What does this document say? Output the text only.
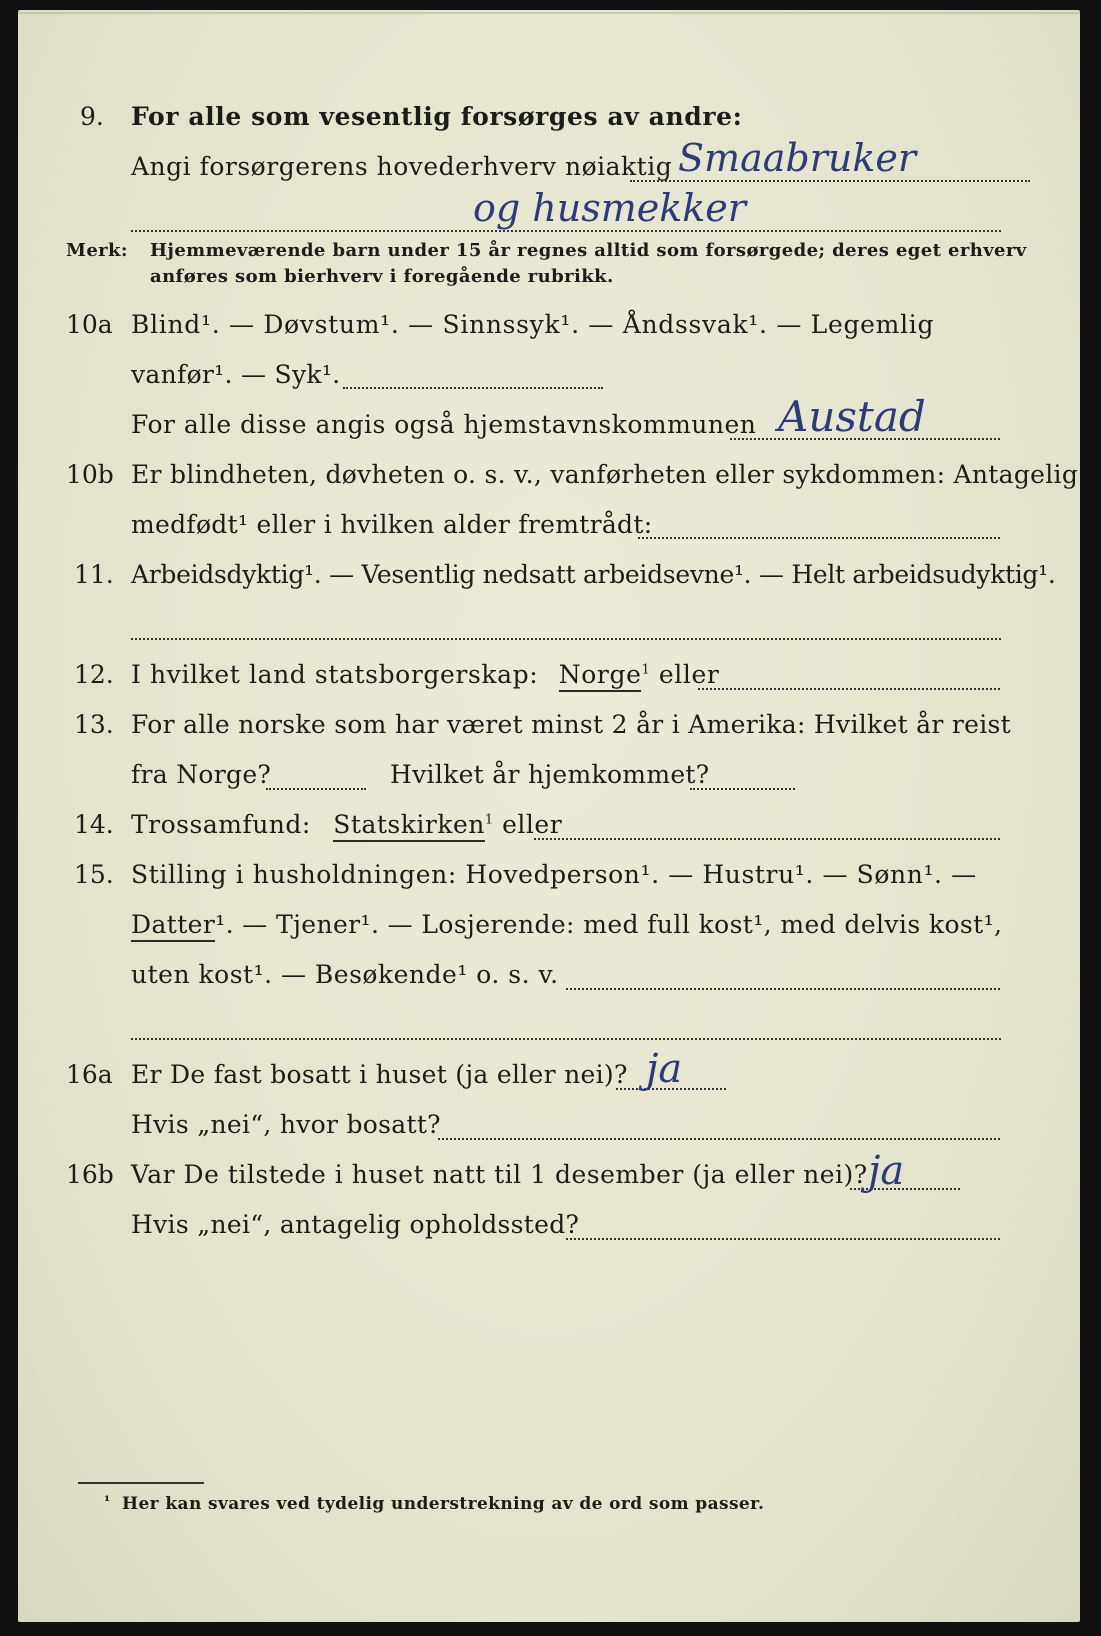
9. For alle som vesentlig forsørges av andre:
Angi forsørgerens hovederhverv nøiaktig Smaabruker
og husmekker
Merk: Hjemmeværende barn under 15 år regnes alltid som forsørgede; deres eget erhverv
anføres som bierhverv i foregående rubrikk.
10a Blind¹. — Døvstum¹. — Sinnssyk¹. — Åndssvak¹. — Legemlig
vanfør¹. — Syk¹.
For alle disse angis også hjemstavnskommunen Austad
10b Er blindheten, døvheten o. s. v., vanførheten eller sykdommen: Antagelig
medfødt¹ eller i hvilken alder fremtrådt:
11. Arbeidsdyktig¹. — Vesentlig nedsatt arbeidsevne¹. — Helt arbeidsudyktig¹.
12. I hvilket land statsborgerskap: Norge$^1$ eller
13. For alle norske som har været minst 2 år i Amerika: Hvilket år reist
fra Norge?	Hvilket år hjemkommet?
14. Trossamfund: Statskirken$^1$ eller
15. Stilling i husholdningen: Hovedperson¹. — Hustru¹. — Sønn¹. —
Datter¹. — Tjener¹. — Losjerende: med full kost¹, med delvis kost¹,
uten kost¹. — Besøkende¹ o. s. v.
16a Er De fast bosatt i huset (ja eller nei)? ja
Hvis „nei“, hvor bosatt?
16b Var De tilstede i huset natt til 1 desember (ja eller nei)? ja
Hvis „nei“, antagelig opholdssted?
¹ Her kan svares ved tydelig understrekning av de ord som passer.
